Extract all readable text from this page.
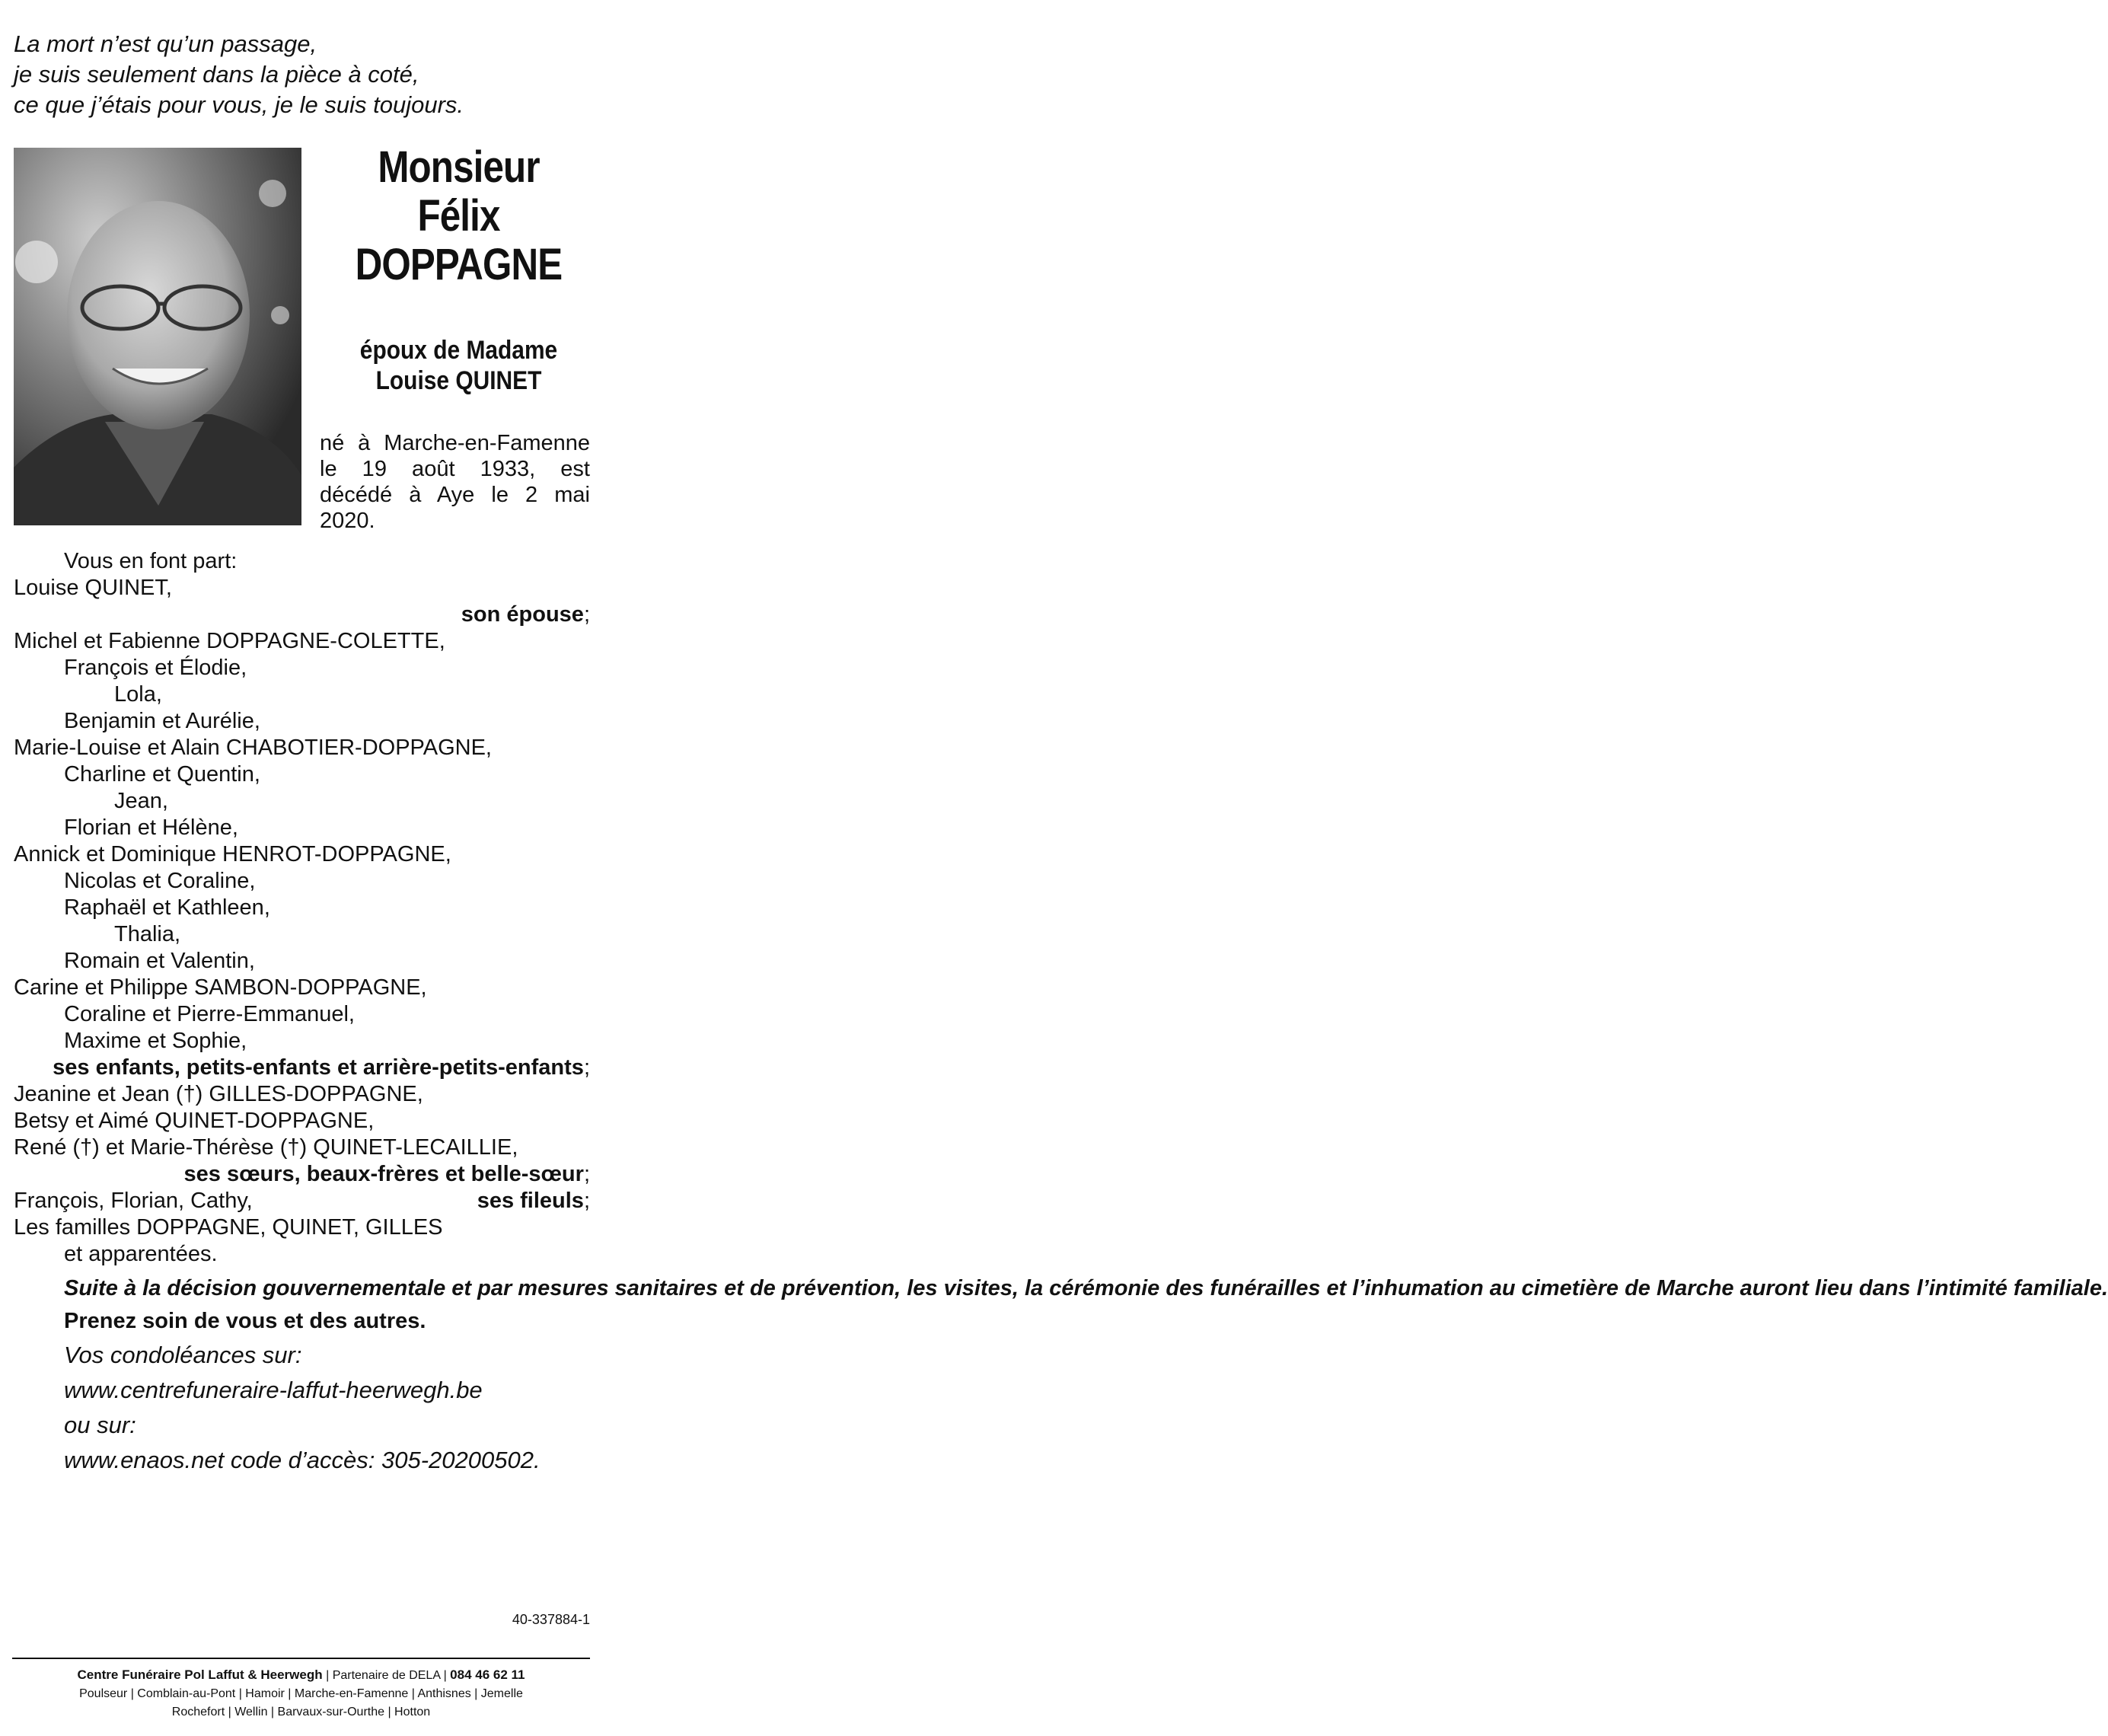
La mort n’est qu’un passage,
je suis seulement dans la pièce à coté,
ce que j’étais pour vous, je le suis toujours.
Monsieur
Félix
DOPPAGNE
époux de Madame
Louise QUINET
né à Marche-en-Famenne le 19 août 1933, est décédé à Aye le 2 mai 2020.
Vous en font part:
Louise QUINET,
son épouse;
Michel et Fabienne DOPPAGNE-COLETTE,
François et Élodie,
Lola,
Benjamin et Aurélie,
Marie-Louise et Alain CHABOTIER-DOPPAGNE,
Charline et Quentin,
Jean,
Florian et Hélène,
Annick et Dominique HENROT-DOPPAGNE,
Nicolas et Coraline,
Raphaël et Kathleen,
Thalia,
Romain et Valentin,
Carine et Philippe SAMBON-DOPPAGNE,
Coraline et Pierre-Emmanuel,
Maxime et Sophie,
ses enfants, petits-enfants et arrière-petits-enfants;
Jeanine et Jean (†) GILLES-DOPPAGNE,
Betsy et Aimé QUINET-DOPPAGNE,
René (†) et Marie-Thérèse (†) QUINET-LECAILLIE,
ses sœurs, beaux-frères et belle-sœur;
François, Florian, Cathy,	ses fileuls;
Les familles DOPPAGNE, QUINET, GILLES
et apparentées.
Suite à la décision gouvernementale et par mesures sanitaires et de prévention, les visites, la cérémonie des funérailles et l’inhumation au cimetière de Marche auront lieu dans l’intimité familiale.
Prenez soin de vous et des autres.
Vos condoléances sur:
www.centrefuneraire-laffut-heerwegh.be
ou sur:
www.enaos.net code d’accès: 305-20200502.
40-337884-1
Centre Funéraire Pol Laffut & Heerwegh | Partenaire de DELA | 084 46 62 11
Poulseur | Comblain-au-Pont | Hamoir | Marche-en-Famenne | Anthisnes | Jemelle
Rochefort | Wellin | Barvaux-sur-Ourthe | Hotton
